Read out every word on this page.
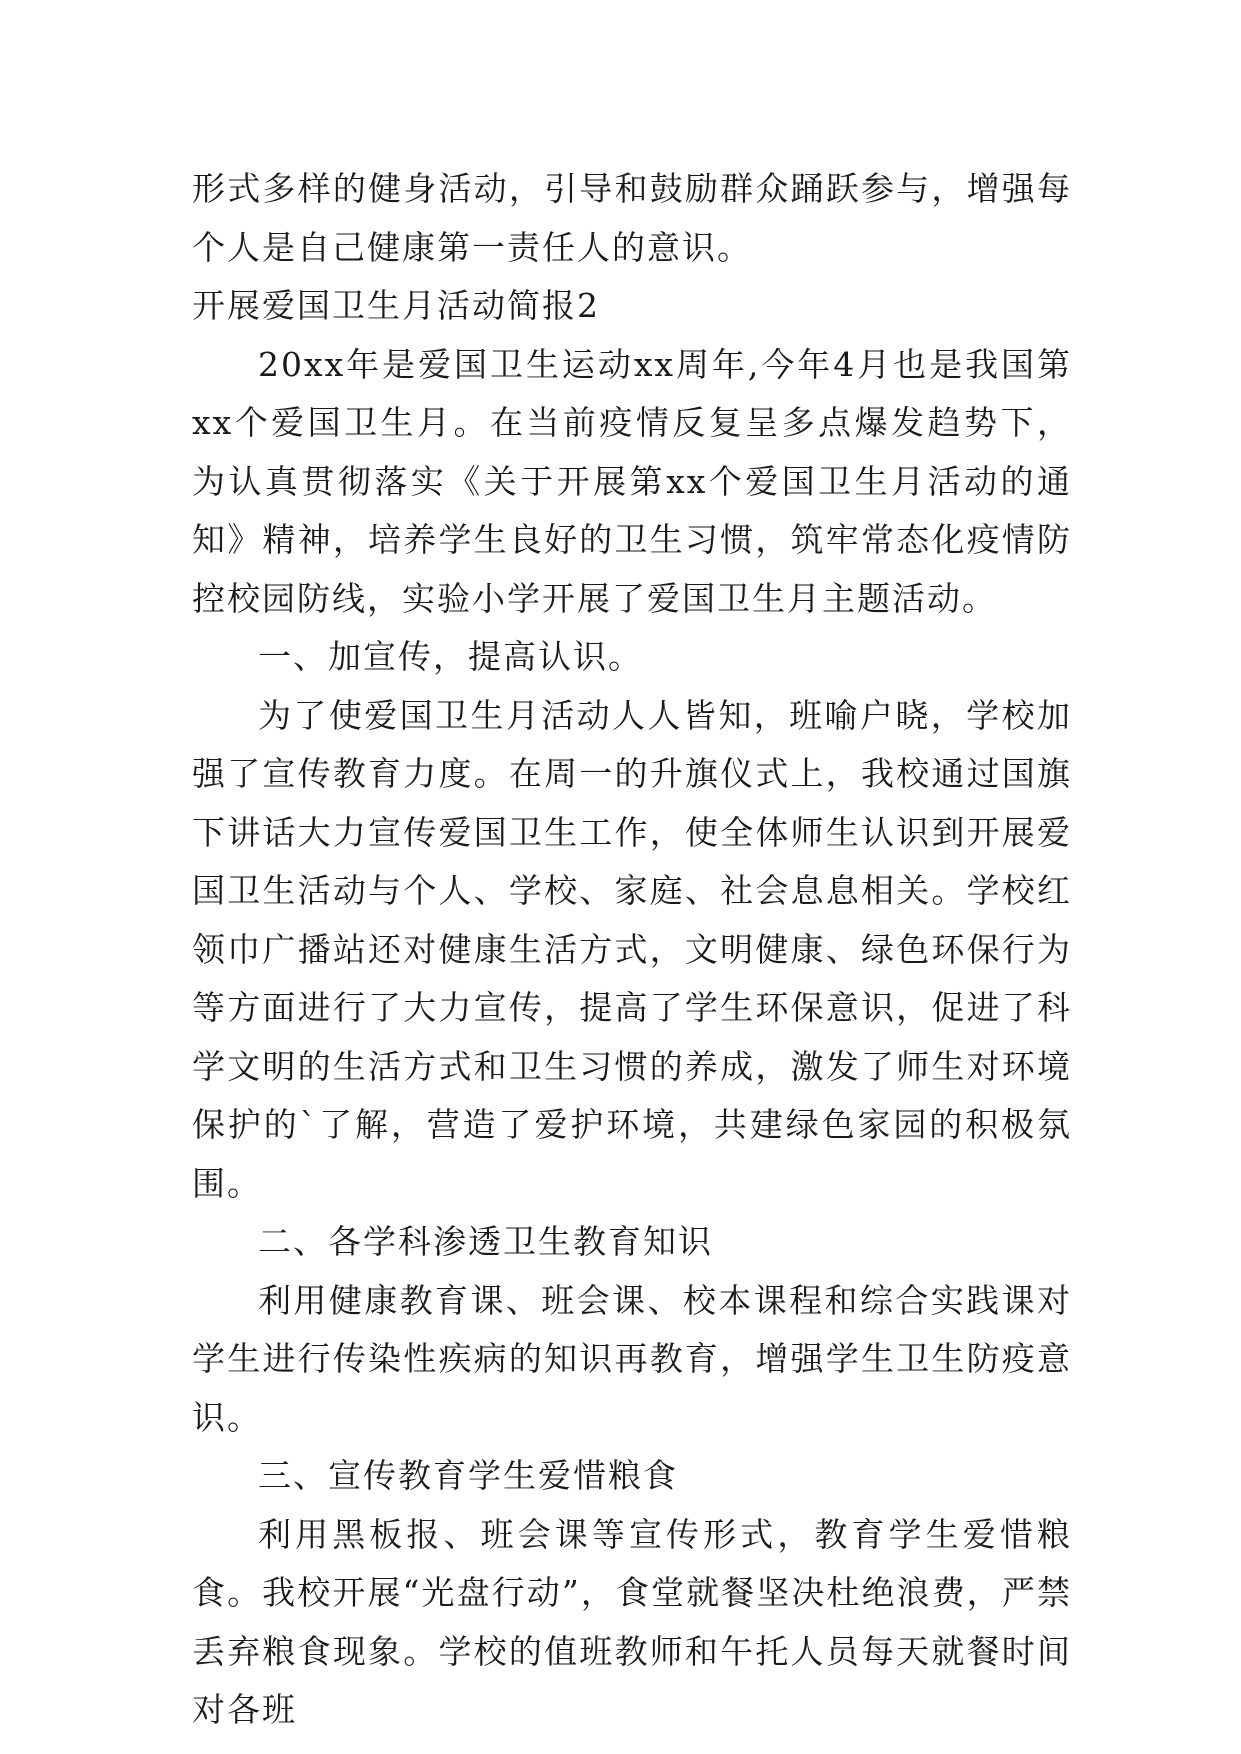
形式多样的健身活动，引导和鼓励群众踊跃参与，增强每个人是自己健康第一责任人的意识。

开展爱国卫生月活动简报2

20xx年是爱国卫生运动xx周年,今年4月也是我国第xx个爱国卫生月。在当前疫情反复呈多点爆发趋势下，为认真贯彻落实《关于开展第xx个爱国卫生月活动的通知》精神，培养学生良好的卫生习惯，筑牢常态化疫情防控校园防线，实验小学开展了爱国卫生月主题活动。

一、加宣传，提高认识。

为了使爱国卫生月活动人人皆知，班喻户晓，学校加强了宣传教育力度。在周一的升旗仪式上，我校通过国旗下讲话大力宣传爱国卫生工作，使全体师生认识到开展爱国卫生活动与个人、学校、家庭、社会息息相关。学校红领巾广播站还对健康生活方式，文明健康、绿色环保行为等方面进行了大力宣传，提高了学生环保意识，促进了科学文明的生活方式和卫生习惯的养成，激发了师生对环境保护的`了解，营造了爱护环境，共建绿色家园的积极氛围。

二、各学科渗透卫生教育知识

利用健康教育课、班会课、校本课程和综合实践课对学生进行传染性疾病的知识再教育，增强学生卫生防疫意识。

三、宣传教育学生爱惜粮食

利用黑板报、班会课等宣传形式，教育学生爱惜粮食。我校开展“光盘行动”，食堂就餐坚决杜绝浪费，严禁丢弃粮食现象。学校的值班教师和午托人员每天就餐时间对各班
